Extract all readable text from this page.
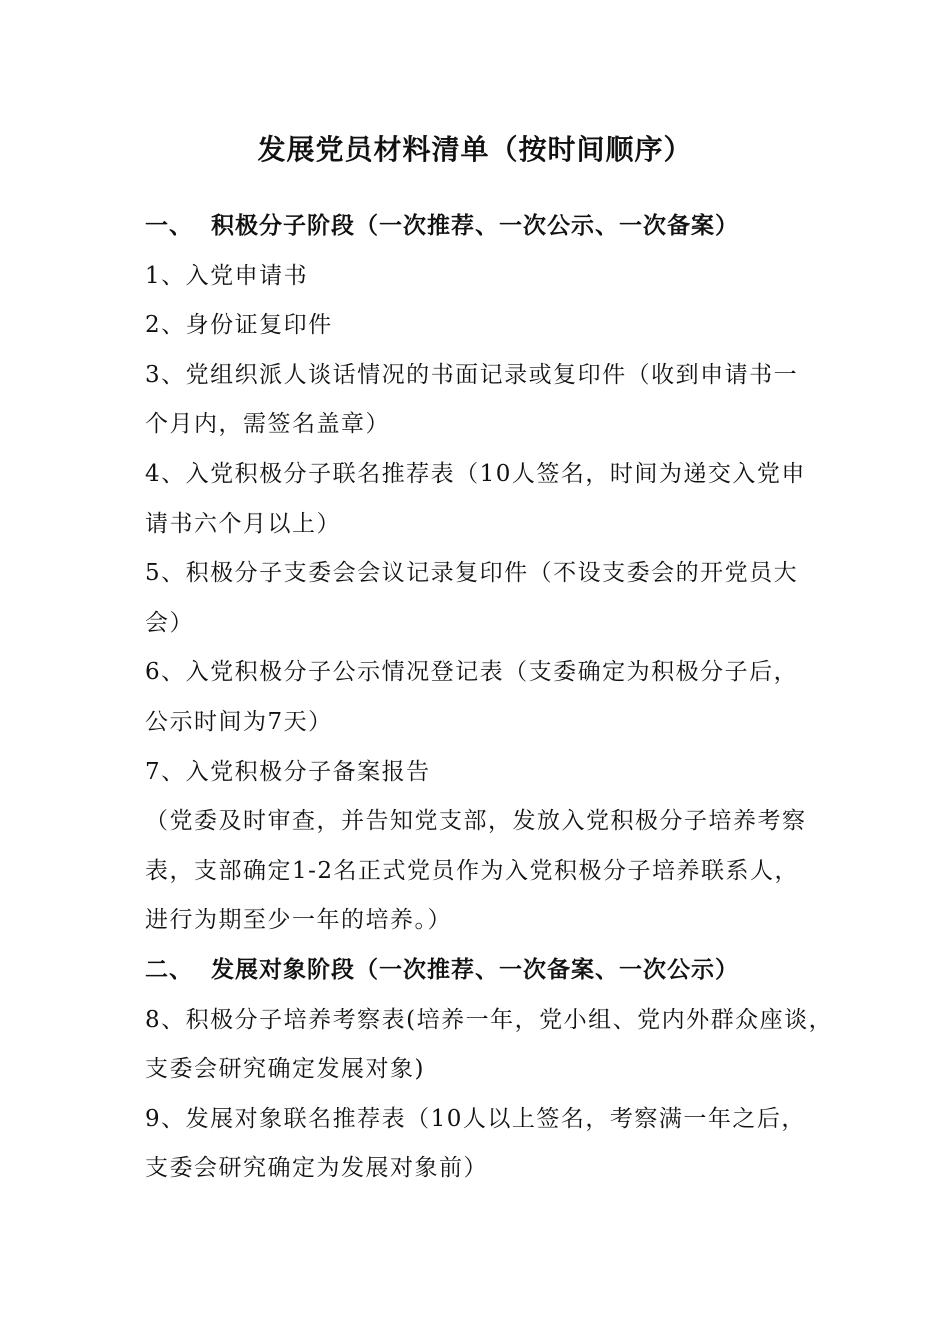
发展党员材料清单（按时间顺序）
一、 积极分子阶段（一次推荐、一次公示、一次备案）
1、入党申请书
2、身份证复印件
3、党组织派人谈话情况的书面记录或复印件（收到申请书一
个月内，需签名盖章）
4、入党积极分子联名推荐表（10人签名，时间为递交入党申
请书六个月以上）
5、积极分子支委会会议记录复印件（不设支委会的开党员大
会）
6、入党积极分子公示情况登记表（支委确定为积极分子后，
公示时间为7天）
7、入党积极分子备案报告
（党委及时审查，并告知党支部，发放入党积极分子培养考察
表，支部确定1-2名正式党员作为入党积极分子培养联系人，
进行为期至少一年的培养。）
二、 发展对象阶段（一次推荐、一次备案、一次公示）
8、积极分子培养考察表(培养一年，党小组、党内外群众座谈，
支委会研究确定发展对象)
9、发展对象联名推荐表（10人以上签名，考察满一年之后，
支委会研究确定为发展对象前）
